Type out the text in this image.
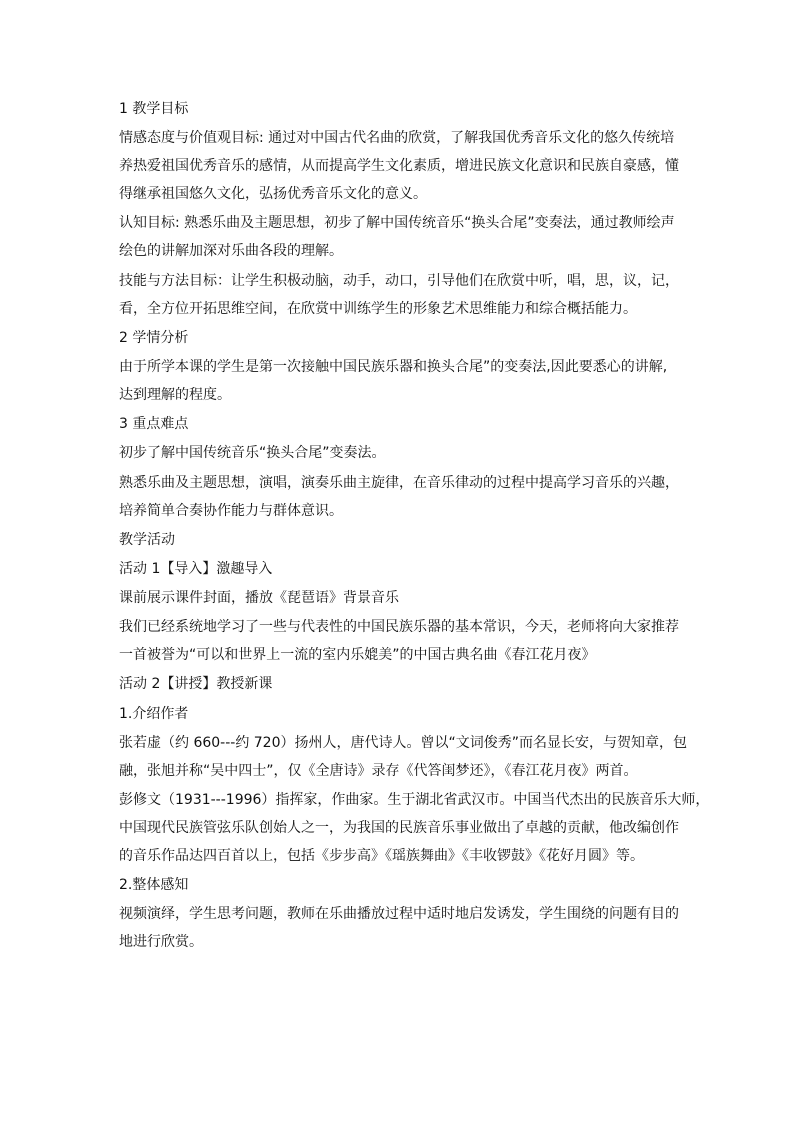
1 教学目标

情感态度与价值观目标: 通过对中国古代名曲的欣赏，了解我国优秀音乐文化的悠久传统培

养热爱祖国优秀音乐的感情，从而提高学生文化素质，增进民族文化意识和民族自豪感，懂

得继承祖国悠久文化，弘扬优秀音乐文化的意义。

认知目标: 熟悉乐曲及主题思想，初步了解中国传统音乐“换头合尾”变奏法，通过教师绘声

绘色的讲解加深对乐曲各段的理解。

技能与方法目标：让学生积极动脑，动手，动口，引导他们在欣赏中听，唱，思，议，记，

看，全方位开拓思维空间，在欣赏中训练学生的形象艺术思维能力和综合概括能力。

2 学情分析

由于所学本课的学生是第一次接触中国民族乐器和换头合尾”的变奏法,因此要悉心的讲解,

达到理解的程度。

3 重点难点

初步了解中国传统音乐“换头合尾”变奏法。

熟悉乐曲及主题思想，演唱，演奏乐曲主旋律，在音乐律动的过程中提高学习音乐的兴趣，

培养简单合奏协作能力与群体意识。

教学活动

活动 1【导入】激趣导入

课前展示课件封面，播放《琵琶语》背景音乐

我们已经系统地学习了一些与代表性的中国民族乐器的基本常识，今天，老师将向大家推荐

一首被誉为“可以和世界上一流的室内乐媲美”的中国古典名曲《春江花月夜》

活动 2【讲授】教授新课

1.介绍作者

张若虚（约 660---约 720）扬州人，唐代诗人。曾以“文词俊秀”而名显长安，与贺知章，包

融，张旭并称“吴中四士”，仅《全唐诗》录存《代答闺梦还》，《春江花月夜》两首。

彭修文（1931---1996）指挥家，作曲家。生于湖北省武汉市。中国当代杰出的民族音乐大师，

中国现代民族管弦乐队创始人之一，为我国的民族音乐事业做出了卓越的贡献，他改编创作

的音乐作品达四百首以上，包括《步步高》《瑶族舞曲》《丰收锣鼓》《花好月圆》等。

2.整体感知

视频演绎，学生思考问题，教师在乐曲播放过程中适时地启发诱发，学生围绕的问题有目的

地进行欣赏。
